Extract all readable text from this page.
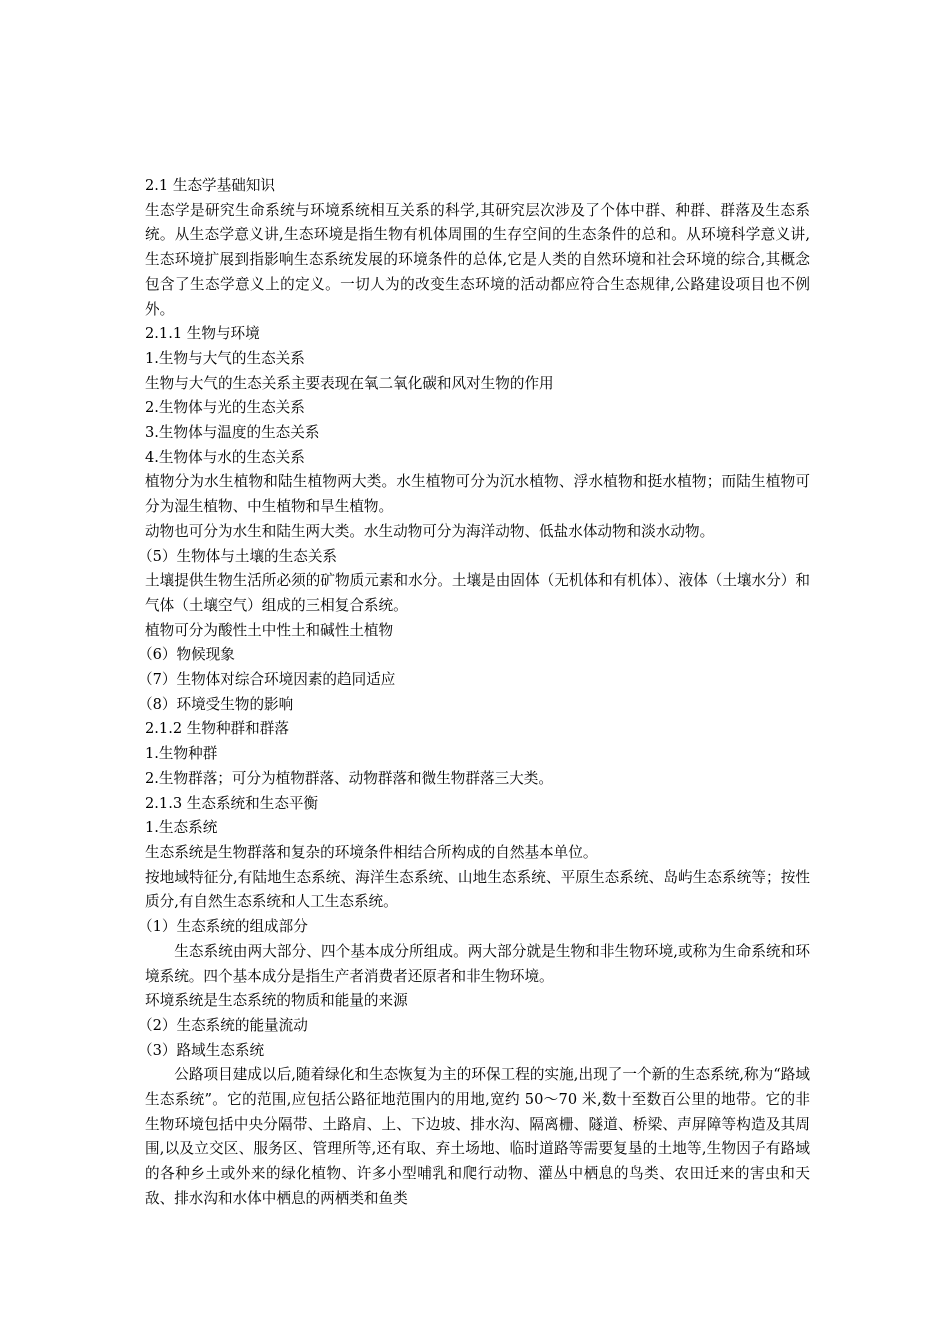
2.1 生态学基础知识

生态学是研究生命系统与环境系统相互关系的科学,其研究层次涉及了个体中群、种群、群落及生态系统。从生态学意义讲,生态环境是指生物有机体周围的生存空间的生态条件的总和。从环境科学意义讲,生态环境扩展到指影响生态系统发展的环境条件的总体,它是人类的自然环境和社会环境的综合,其概念包含了生态学意义上的定义。一切人为的改变生态环境的活动都应符合生态规律,公路建设项目也不例外。

2.1.1 生物与环境

1.生物与大气的生态关系

生物与大气的生态关系主要表现在氧二氧化碳和风对生物的作用

2.生物体与光的生态关系

3.生物体与温度的生态关系

4.生物体与水的生态关系

植物分为水生植物和陆生植物两大类。水生植物可分为沉水植物、浮水植物和挺水植物；而陆生植物可分为湿生植物、中生植物和旱生植物。

动物也可分为水生和陆生两大类。水生动物可分为海洋动物、低盐水体动物和淡水动物。

（5）生物体与土壤的生态关系

土壤提供生物生活所必须的矿物质元素和水分。土壤是由固体（无机体和有机体）、液体（土壤水分）和气体（土壤空气）组成的三相复合系统。

植物可分为酸性土中性土和碱性土植物

（6）物候现象

（7）生物体对综合环境因素的趋同适应

（8）环境受生物的影响

2.1.2 生物种群和群落

1.生物种群

2.生物群落；可分为植物群落、动物群落和微生物群落三大类。

2.1.3 生态系统和生态平衡

1.生态系统

生态系统是生物群落和复杂的环境条件相结合所构成的自然基本单位。

按地域特征分,有陆地生态系统、海洋生态系统、山地生态系统、平原生态系统、岛屿生态系统等；按性质分,有自然生态系统和人工生态系统。

（1）生态系统的组成部分

生态系统由两大部分、四个基本成分所组成。两大部分就是生物和非生物环境,或称为生命系统和环境系统。四个基本成分是指生产者消费者还原者和非生物环境。

环境系统是生态系统的物质和能量的来源

（2）生态系统的能量流动

（3）路域生态系统

公路项目建成以后,随着绿化和生态恢复为主的环保工程的实施,出现了一个新的生态系统,称为“路域生态系统”。它的范围,应包括公路征地范围内的用地,宽约 50～70 米,数十至数百公里的地带。它的非生物环境包括中央分隔带、土路肩、上、下边坡、排水沟、隔离栅、隧道、桥梁、声屏障等构造及其周围,以及立交区、服务区、管理所等,还有取、弃土场地、临时道路等需要复垦的土地等,生物因子有路域的各种乡土或外来的绿化植物、许多小型哺乳和爬行动物、灌丛中栖息的鸟类、农田迁来的害虫和天敌、排水沟和水体中栖息的两栖类和鱼类
